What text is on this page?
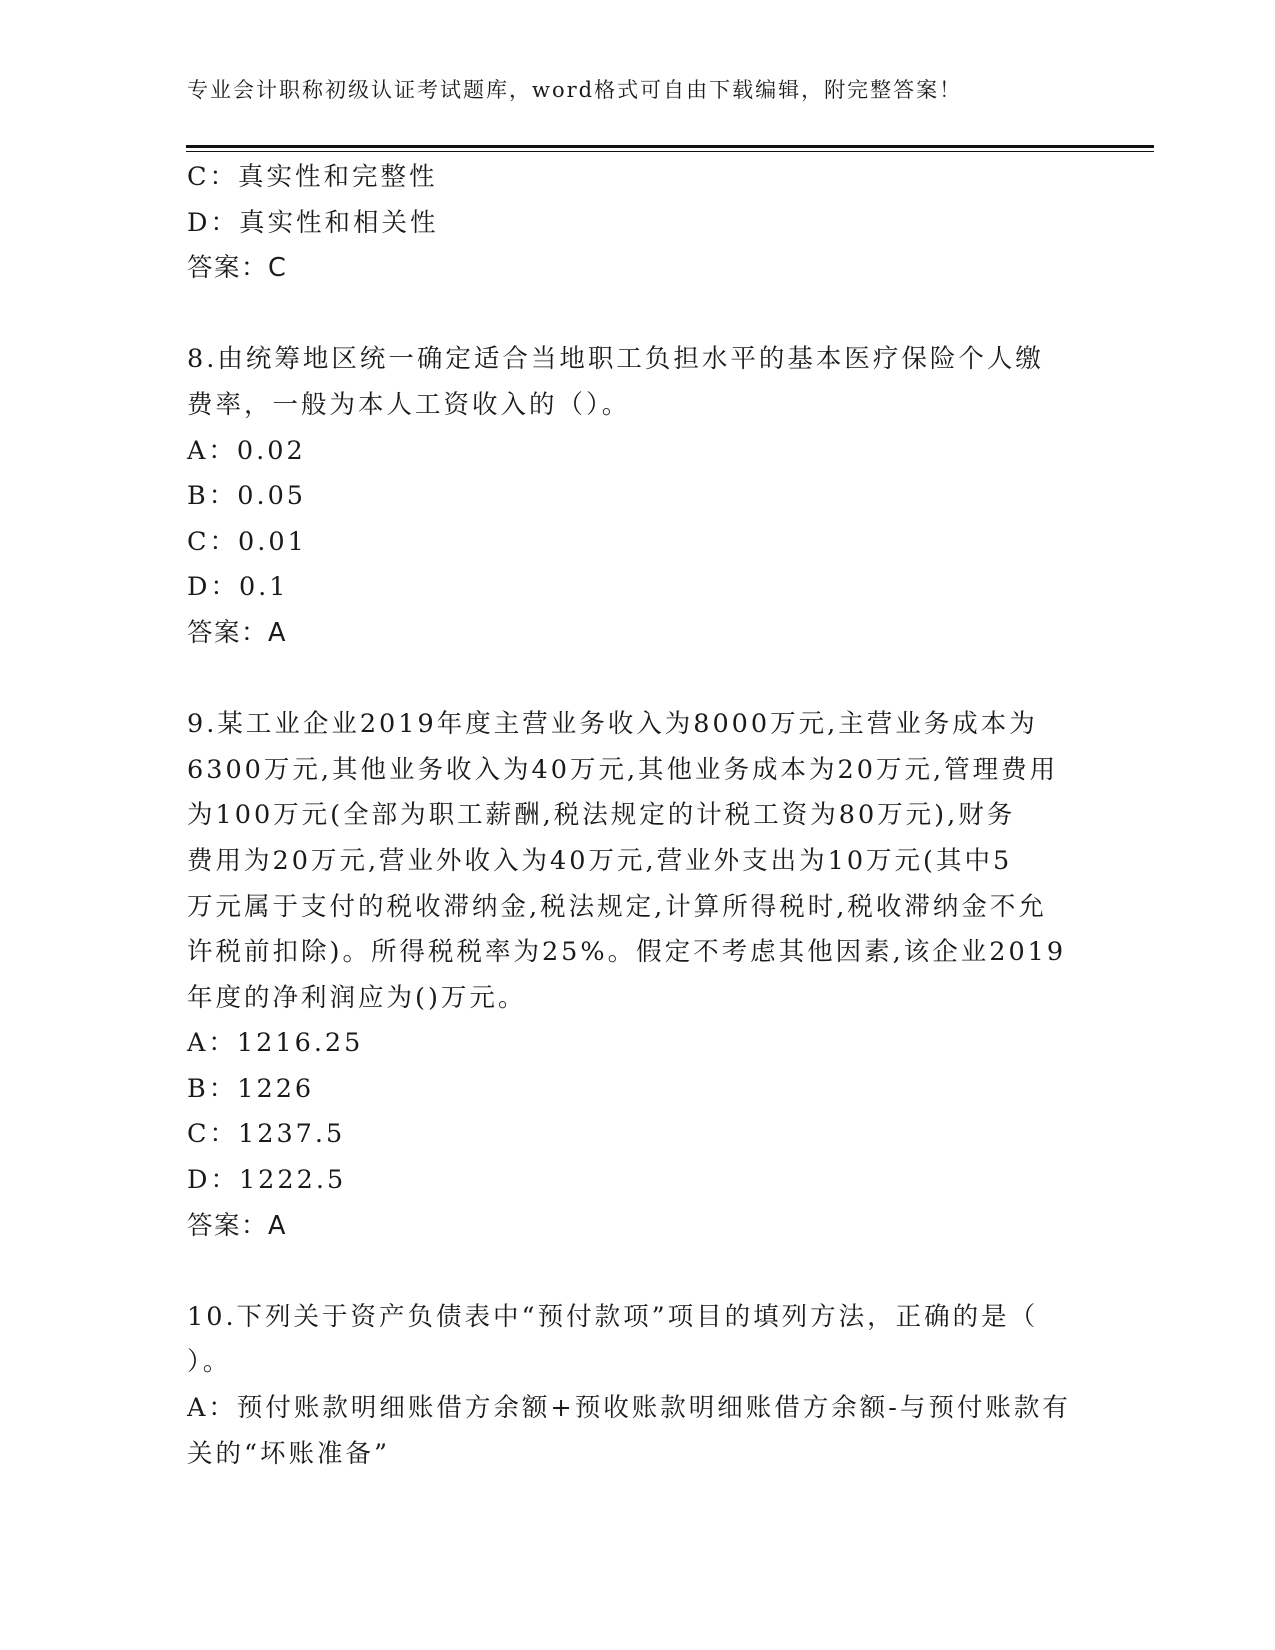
专业会计职称初级认证考试题库，word格式可自由下载编辑，附完整答案！
C：真实性和完整性
D：真实性和相关性
答案：C
8.由统筹地区统一确定适合当地职工负担水平的基本医疗保险个人缴
费率，一般为本人工资收入的（）。
A：0.02
B：0.05
C：0.01
D：0.1
答案：A
9.某工业企业2019年度主营业务收入为8000万元,主营业务成本为
6300万元,其他业务收入为40万元,其他业务成本为20万元,管理费用
为100万元(全部为职工薪酬,税法规定的计税工资为80万元),财务
费用为20万元,营业外收入为40万元,营业外支出为10万元(其中5
万元属于支付的税收滞纳金,税法规定,计算所得税时,税收滞纳金不允
许税前扣除)。所得税税率为25%。假定不考虑其他因素,该企业2019
年度的净利润应为()万元。
A：1216.25
B：1226
C：1237.5
D：1222.5
答案：A
10.下列关于资产负债表中“预付款项”项目的填列方法，正确的是（
）。
A：预付账款明细账借方余额+预收账款明细账借方余额-与预付账款有
关的“坏账准备”
